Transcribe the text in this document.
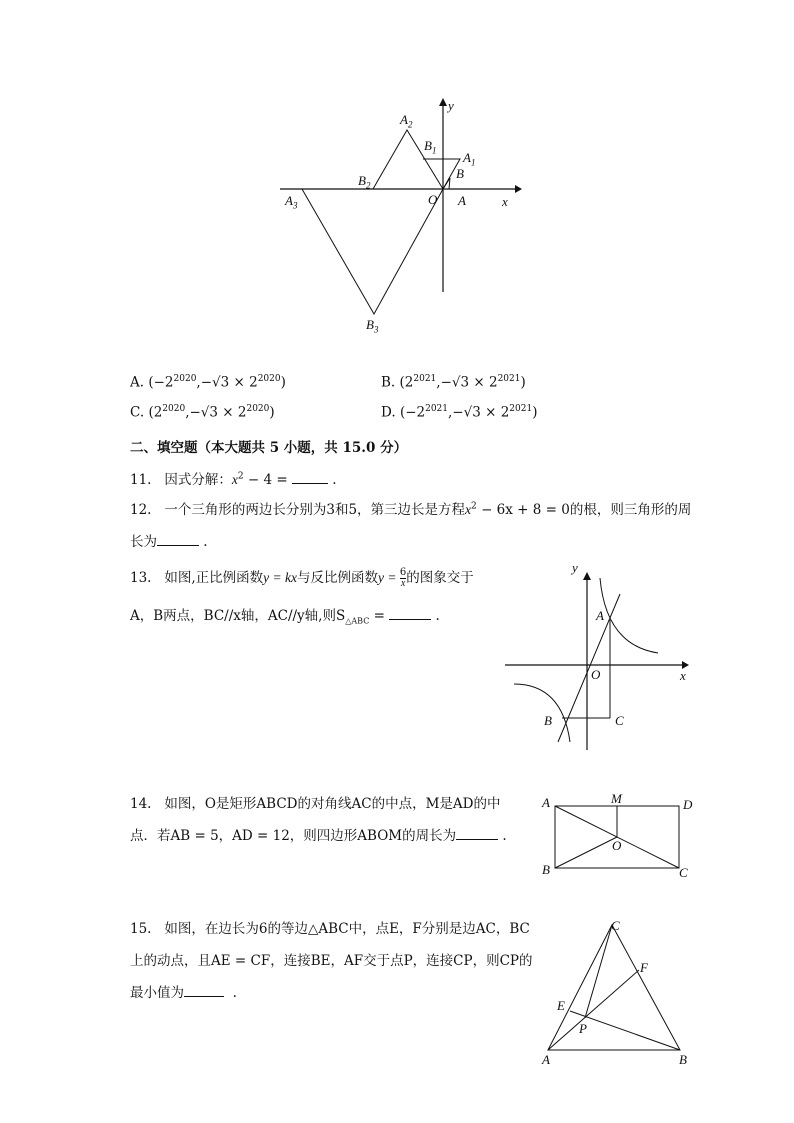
y
x
O A
B
$A_1$
$B_1$
$A_2$
$B_2$
$A_3$
$B_3$
A. $(-2^{2020},-√3 \times 2^{2020})$	B. $(2^{2021},-√3 \times 2^{2021})$
C. $(2^{2020},-√3 \times 2^{2020})$	D. $(-2^{2021},-√3 \times 2^{2021})$
二、填空题（本大题共 5 小题，共 15.0 分）
11. 因式分解：$x^2 - 4$ =	.
12. 一个三角形的两边长分别为3和5，第三边长是方程$x^2 - 6x + 8 = 0$的根，则三角形的周
长为	.
13. 如图,正比例函数y = kx与反比例函数$y = \frac{6}{x}$ 的图象交于
A，B两点，BC//x轴，AC//y轴,则$S_{\triangle ABC}$ =	.
y
x
O
A
B	C
14. 如图，O是矩形ABCD的对角线AC的中点，M是AD的中
点．若AB = 5，AD = 12，则四边形ABOM的周长为	.
A	M	D
B
O
C
15. 如图，在边长为6的等边△ABC中，点E，F分别是边AC，BC
上的动点，且AE = CF，连接BE，AF交于点P，连接CP，则CP的
最小值为	.
C
F
E
P
A	B
